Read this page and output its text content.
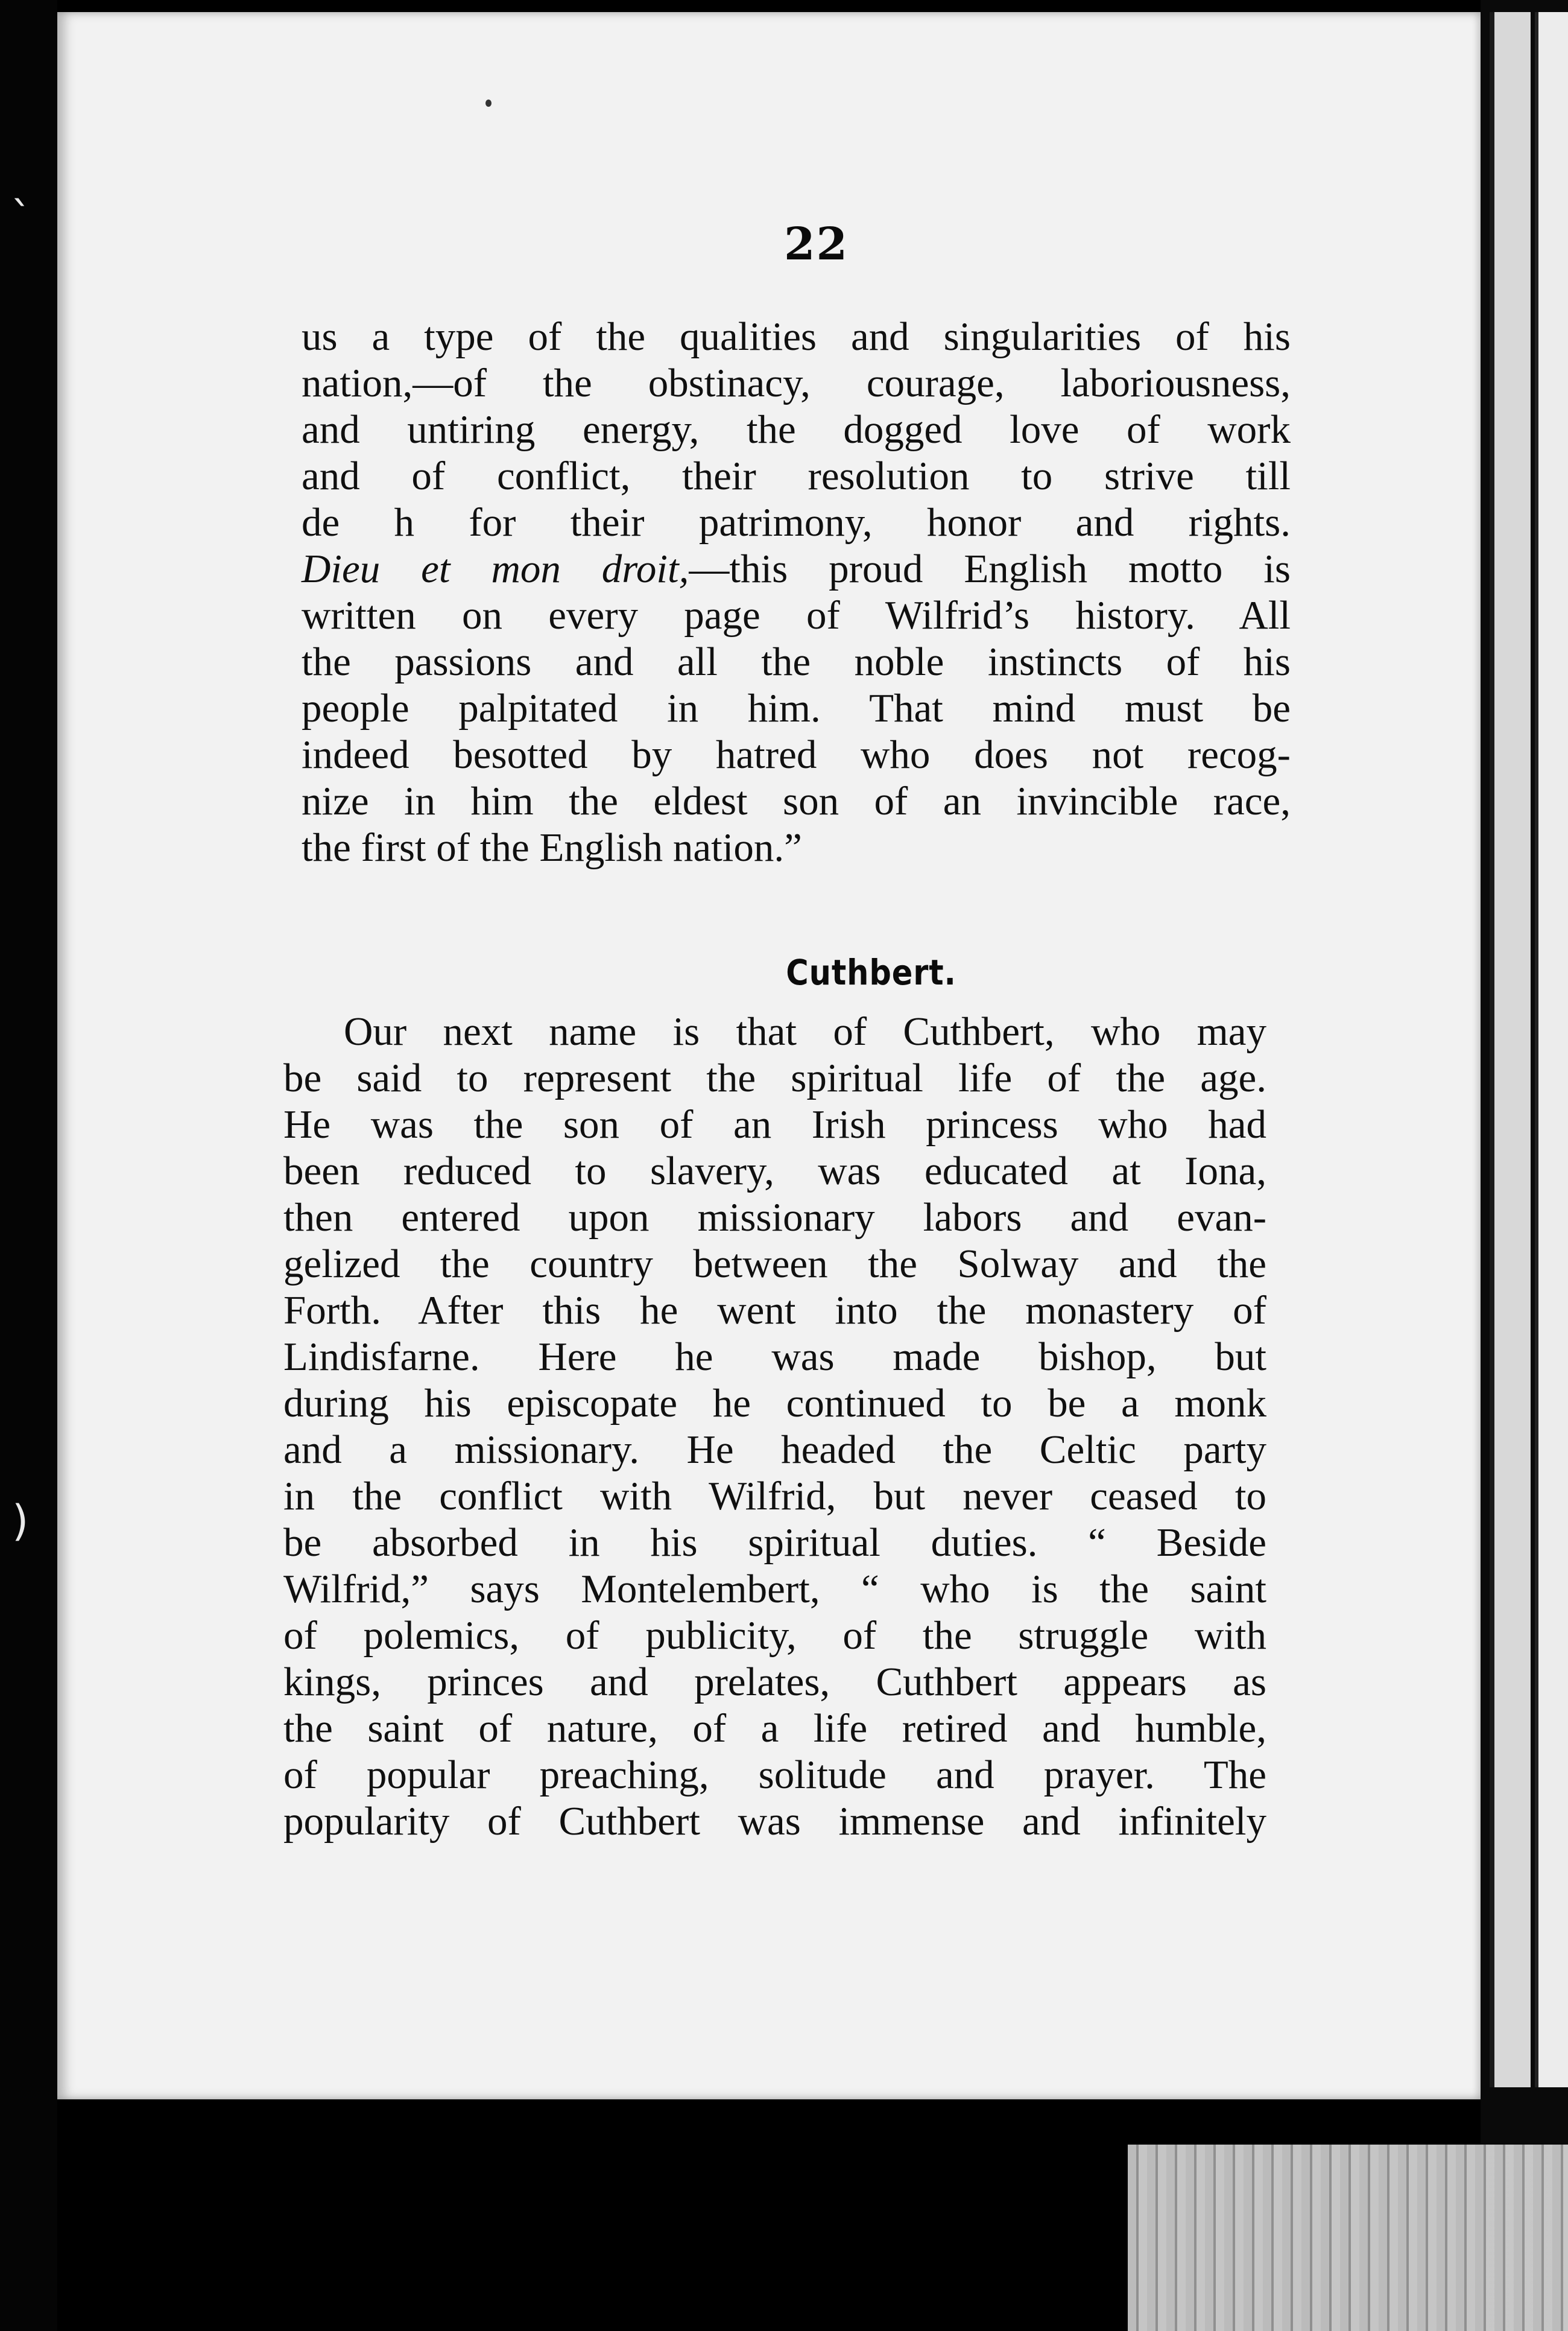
22
us a type of the qualities and singularities of his
nation,—of the obstinacy, courage, laboriousness,
and untiring energy, the dogged love of work
and of conflict, their resolution to strive till
de h for their patrimony, honor and rights.
Dieu et mon droit,—this proud English motto is
written on every page of Wilfrid’s history. All
the passions and all the noble instincts of his
people palpitated in him. That mind must be
indeed besotted by hatred who does not recog-
nize in him the eldest son of an invincible race,
the first of the English nation.”
Cuthbert.
Our next name is that of Cuthbert, who may
be said to represent the spiritual life of the age.
He was the son of an Irish princess who had
been reduced to slavery, was educated at Iona,
then entered upon missionary labors and evan-
gelized the country between the Solway and the
Forth. After this he went into the monastery of
Lindisfarne. Here he was made bishop, but
during his episcopate he continued to be a monk
and a missionary. He headed the Celtic party
in the conflict with Wilfrid, but never ceased to
be absorbed in his spiritual duties. “ Beside
Wilfrid,” says Montelembert, “ who is the saint
of polemics, of publicity, of the struggle with
kings, princes and prelates, Cuthbert appears as
the saint of nature, of a life retired and humble,
of popular preaching, solitude and prayer. The
popularity of Cuthbert was immense and infinitely
`
)
